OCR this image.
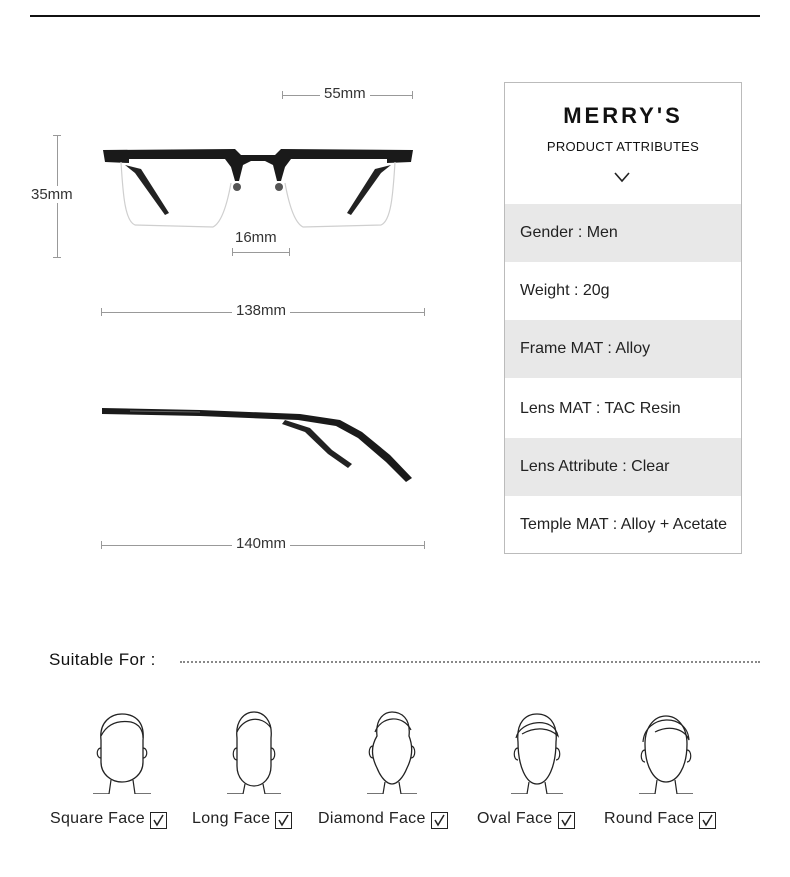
55mm
35mm
16mm
138mm
140mm
MERRY'S
PRODUCT ATTRIBUTES
Gender : Men
Weight : 20g
Frame MAT : Alloy
Lens MAT : TAC Resin
Lens Attribute : Clear
Temple MAT : Alloy + Acetate
Suitable For :
Square Face	Long Face	Diamond Face	Oval Face	Round Face
